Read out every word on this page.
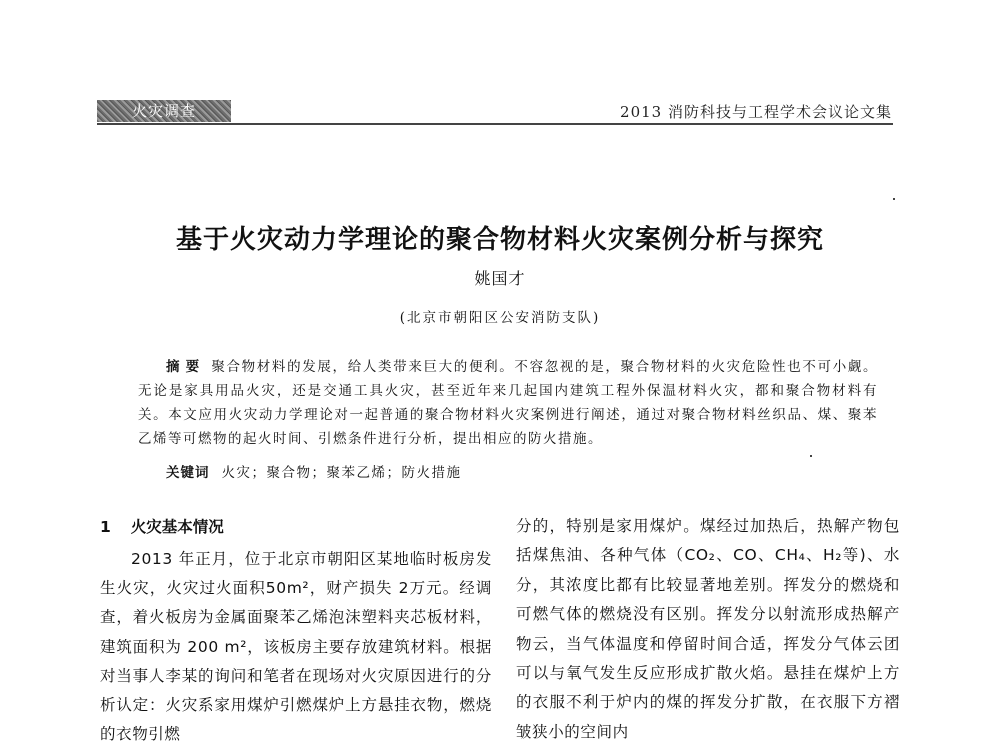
火灾调查	2013 消防科技与工程学术会议论文集
基于火灾动力学理论的聚合物材料火灾案例分析与探究
姚国才
(北京市朝阳区公安消防支队)
摘要 聚合物材料的发展，给人类带来巨大的便利。不容忽视的是，聚合物材料的火灾危险性也不可小觑。无论是家具用品火灾，还是交通工具火灾，甚至近年来几起国内建筑工程外保温材料火灾，都和聚合物材料有关。本文应用火灾动力学理论对一起普通的聚合物材料火灾案例进行阐述，通过对聚合物材料丝织品、煤、聚苯乙烯等可燃物的起火时间、引燃条件进行分析，提出相应的防火措施。
关键词 火灾；聚合物；聚苯乙烯；防火措施
1 火灾基本情况

2013 年正月，位于北京市朝阳区某地临时板房发生火灾，火灾过火面积50m²，财产损失 2万元。经调查，着火板房为金属面聚苯乙烯泡沫塑料夹芯板材料，建筑面积为 200 m²，该板房主要存放建筑材料。根据对当事人李某的询问和笔者在现场对火灾原因进行的分析认定：火灾系家用煤炉引燃煤炉上方悬挂衣物，燃烧的衣物引燃

分的，特别是家用煤炉。煤经过加热后，热解产物包括煤焦油、各种气体（CO₂、CO、CH₄、H₂等)、水分，其浓度比都有比较显著地差别。挥发分的燃烧和可燃气体的燃烧没有区别。挥发分以射流形成热解产物云，当气体温度和停留时间合适，挥发分气体云团可以与氧气发生反应形成扩散火焰。悬挂在煤炉上方的衣服不利于炉内的煤的挥发分扩散，在衣服下方褶皱狭小的空间内
